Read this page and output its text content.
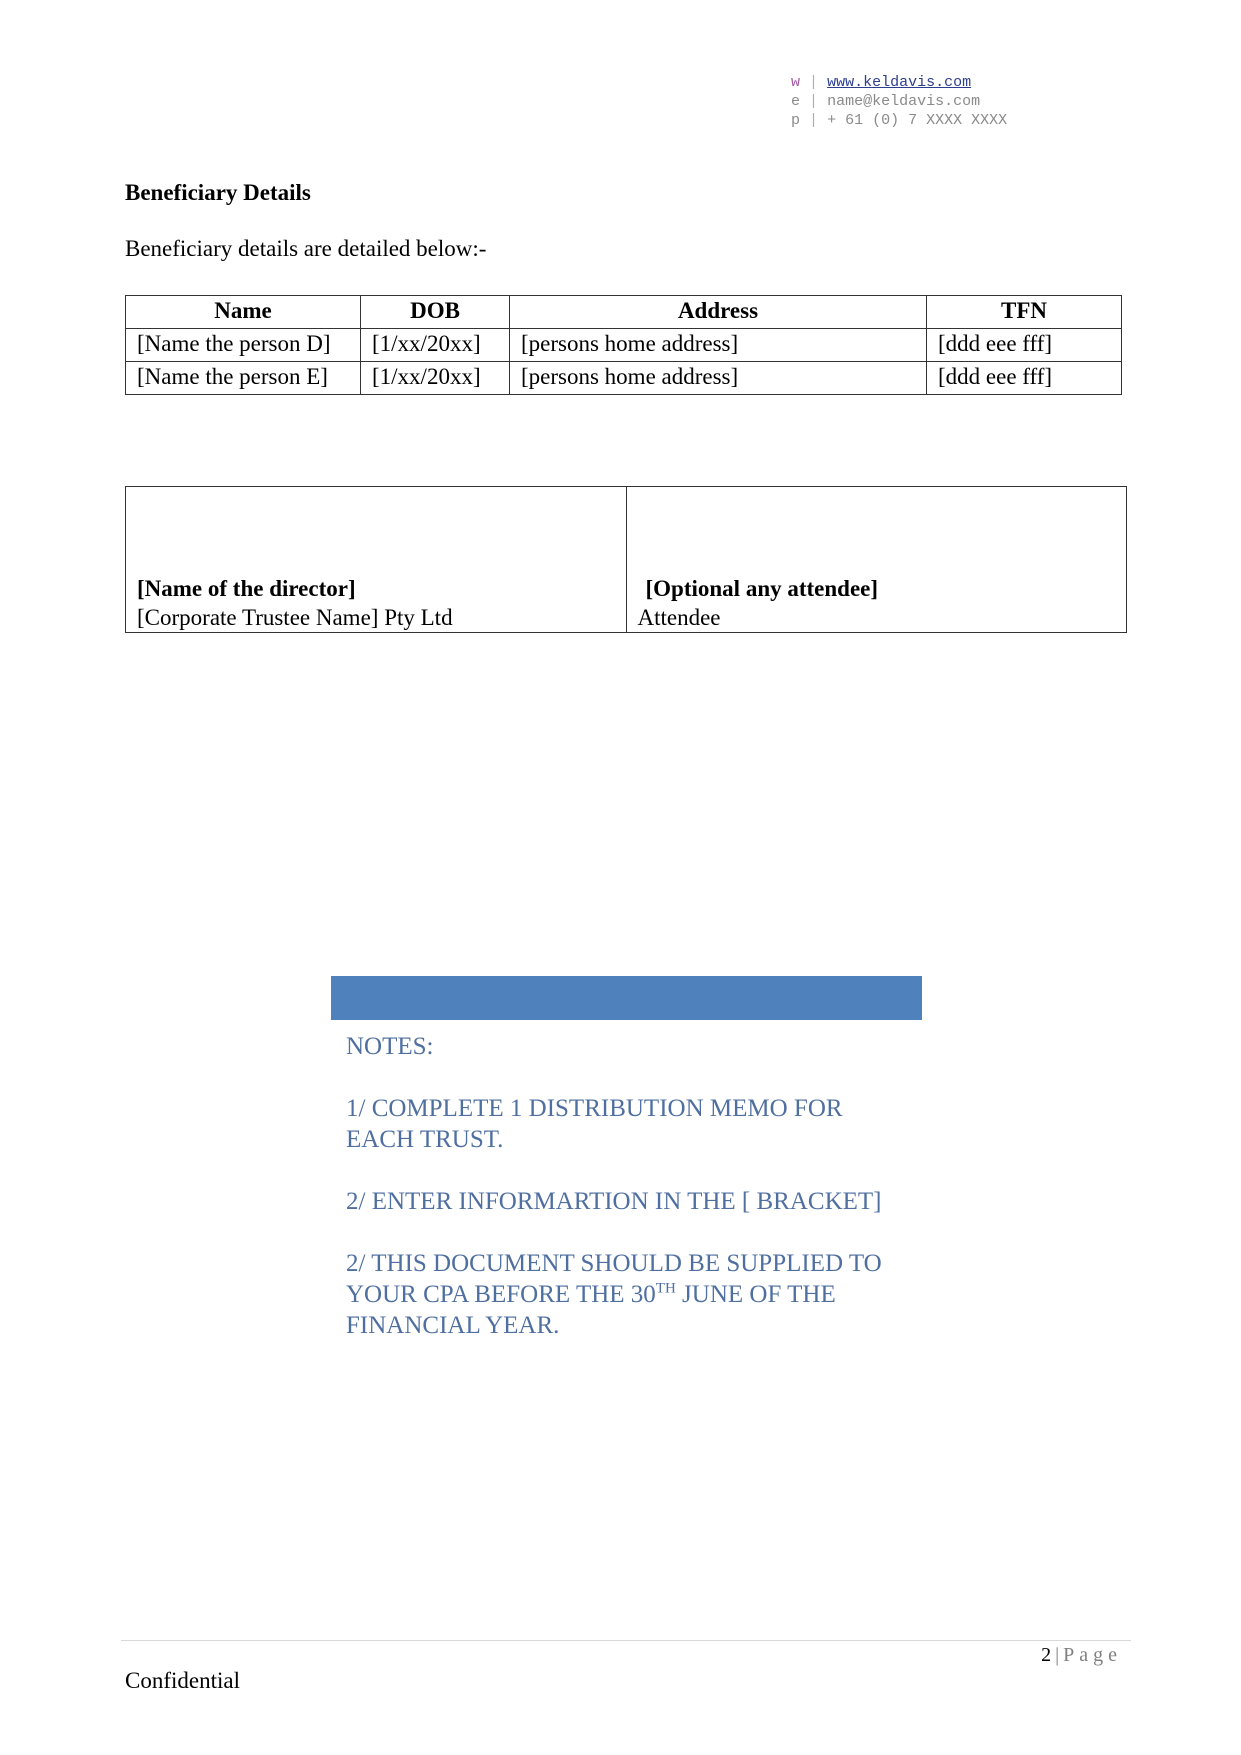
w | www.keldavis.com
e | name@keldavis.com
p | + 61 (0) 7 XXXX XXXX
Beneficiary Details
Beneficiary details are detailed below:-
Name	DOB	Address	TFN
[Name the person D]	[1/xx/20xx]	[persons home address]	[ddd eee fff]
[Name the person E]	[1/xx/20xx]	[persons home address]	[ddd eee fff]
[Name of the director]
[Corporate Trustee Name] Pty Ltd

[Optional any attendee]
Attendee

NOTES:

1/ COMPLETE 1 DISTRIBUTION MEMO FOR EACH TRUST.

2/ ENTER INFORMARTION IN THE [ BRACKET]

2/ THIS DOCUMENT SHOULD BE SUPPLIED TO YOUR CPA BEFORE THE 30TH JUNE OF THE FINANCIAL YEAR.

2 | Page
Confidential
